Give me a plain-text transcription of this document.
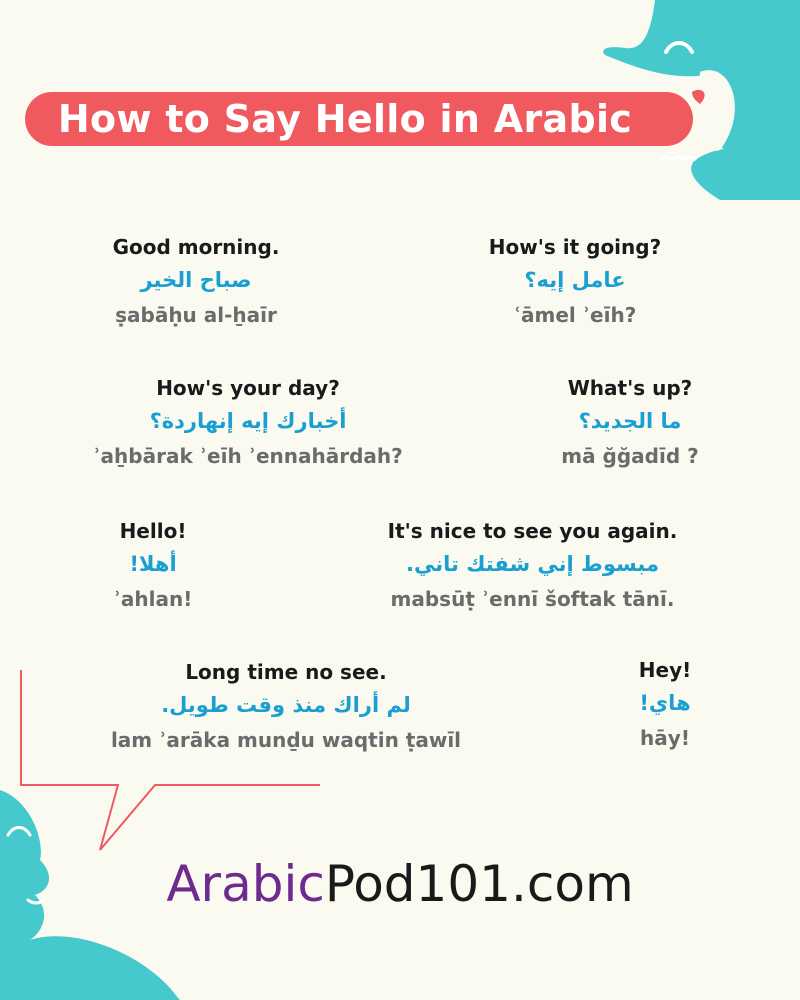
How to Say Hello in Arabic
Good morning.
صباح الخير
ṣabāḥu al-ẖaīr
How's it going?
عامل إيه؟
ʿāmel ʾeīh?
How's your day?
أخبارك إيه إنهاردة؟
ʾaẖbārak ʾeīh ʾennahārdah?
What's up?
ما الجديد؟
mā ğğadīd ?
Hello!
أهلا!
ʾahlan!
It's nice to see you again.
مبسوط إني شفتك تاني.
mabsūṭ ʾennī šoftak tānī.
Long time no see.
لم أراك منذ وقت طويل.
lam ʾarāka munḏu waqtin ṭawīl
Hey!
هاي!
hāy!
ArabicPod101.com
